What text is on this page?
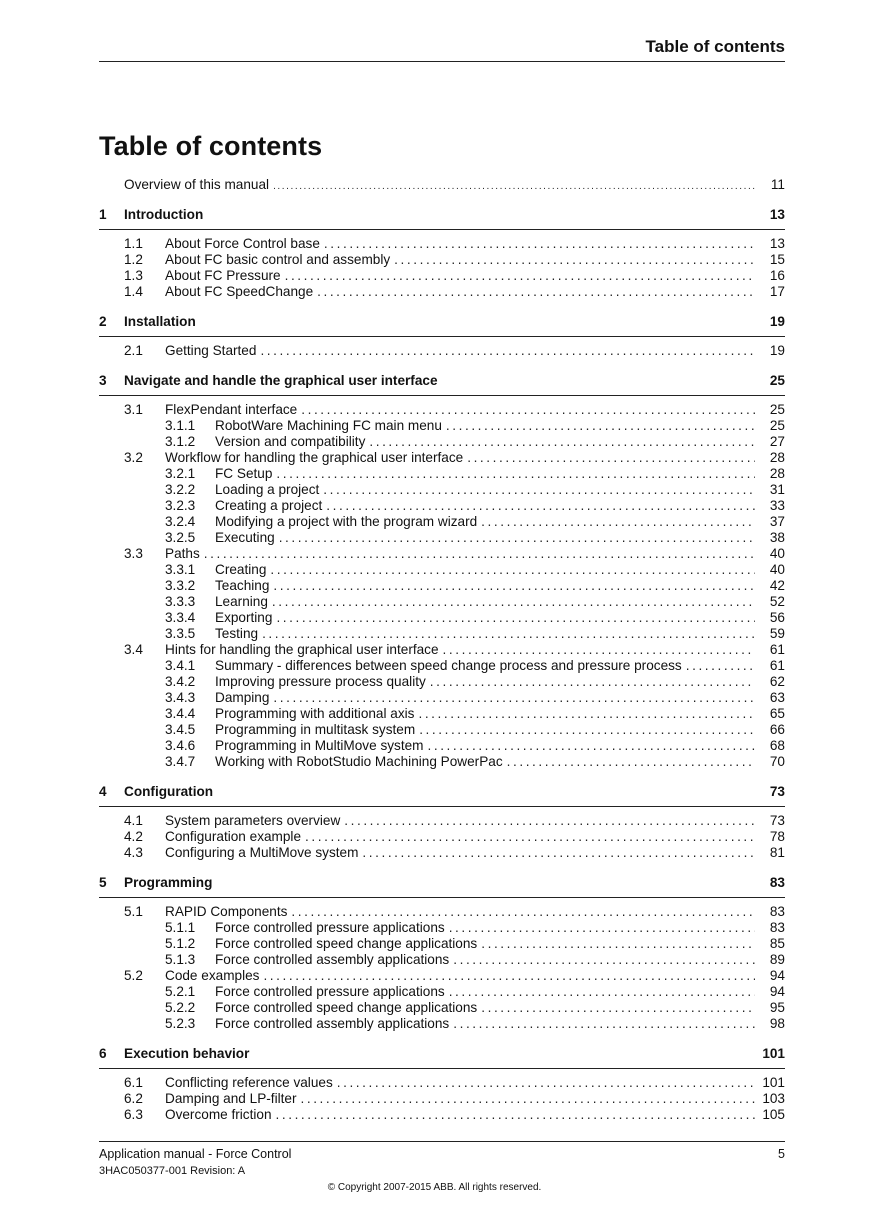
Table of contents
Table of contents
Overview of this manual . . .	11
1	Introduction	13
1.1	About Force Control base . . .	13
1.2	About FC basic control and assembly . . .	15
1.3	About FC Pressure . . .	16
1.4	About FC SpeedChange . . .	17
2	Installation	19
2.1	Getting Started . . .	19
3	Navigate and handle the graphical user interface	25
3.1	FlexPendant interface . . .	25
3.1.1	RobotWare Machining FC main menu . . .	25
3.1.2	Version and compatibility . . .	27
3.2	Workflow for handling the graphical user interface . . .	28
3.2.1	FC Setup . . .	28
3.2.2	Loading a project . . .	31
3.2.3	Creating a project . . .	33
3.2.4	Modifying a project with the program wizard . . .	37
3.2.5	Executing . . .	38
3.3	Paths . . .	40
3.3.1	Creating . . .	40
3.3.2	Teaching . . .	42
3.3.3	Learning . . .	52
3.3.4	Exporting . . .	56
3.3.5	Testing . . .	59
3.4	Hints for handling the graphical user interface . . .	61
3.4.1	Summary - differences between speed change process and pressure process . . .	61
3.4.2	Improving pressure process quality . . .	62
3.4.3	Damping . . .	63
3.4.4	Programming with additional axis . . .	65
3.4.5	Programming in multitask system . . .	66
3.4.6	Programming in MultiMove system . . .	68
3.4.7	Working with RobotStudio Machining PowerPac . . .	70
4	Configuration	73
4.1	System parameters overview . . .	73
4.2	Configuration example . . .	78
4.3	Configuring a MultiMove system . . .	81
5	Programming	83
5.1	RAPID Components . . .	83
5.1.1	Force controlled pressure applications . . .	83
5.1.2	Force controlled speed change applications . . .	85
5.1.3	Force controlled assembly applications . . .	89
5.2	Code examples . . .	94
5.2.1	Force controlled pressure applications . . .	94
5.2.2	Force controlled speed change applications . . .	95
5.2.3	Force controlled assembly applications . . .	98
6	Execution behavior	101
6.1	Conflicting reference values . . .	101
6.2	Damping and LP-filter . . .	103
6.3	Overcome friction . . .	105
Application manual - Force Control	5
3HAC050377-001 Revision: A
© Copyright 2007-2015 ABB. All rights reserved.
